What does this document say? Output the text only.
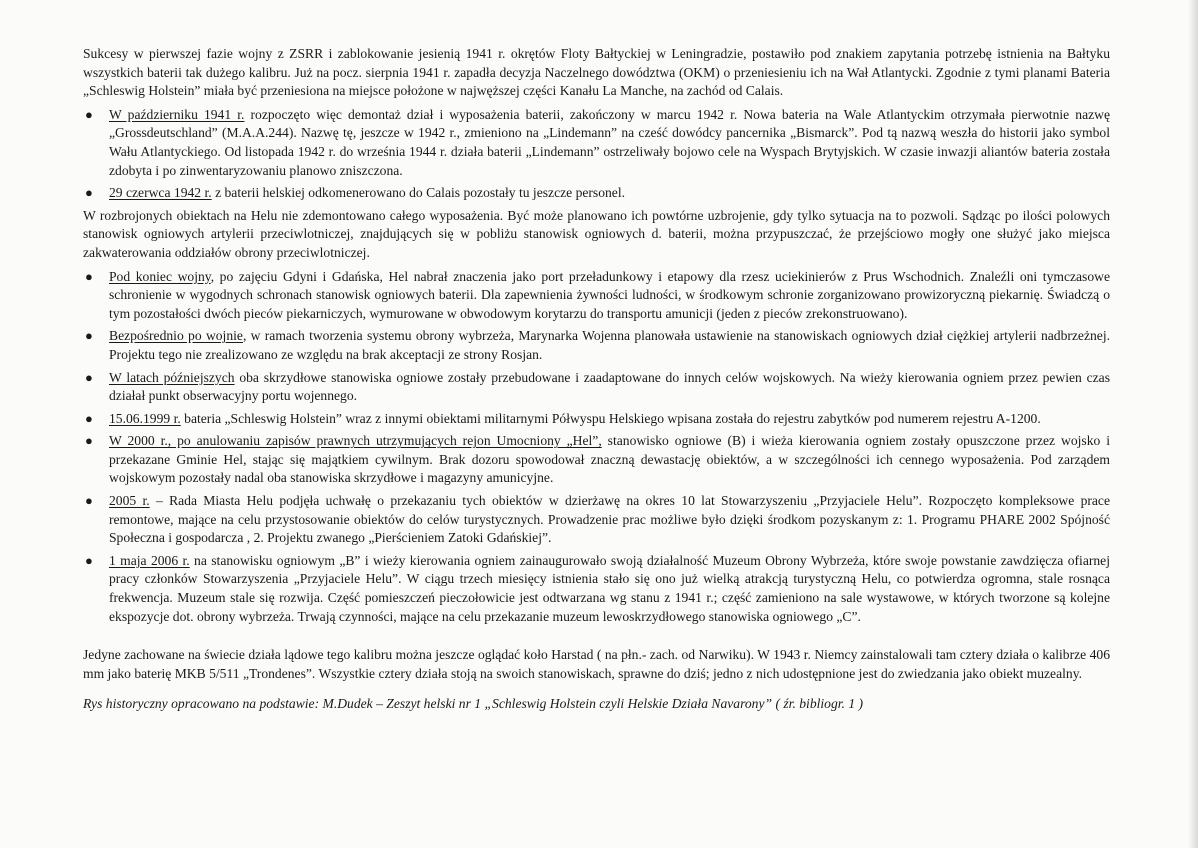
Sukcesy w pierwszej fazie wojny z ZSRR i zablokowanie jesienią 1941 r. okrętów Floty Bałtyckiej w Leningradzie, postawiło pod znakiem zapytania potrzebę istnienia na Bałtyku wszystkich baterii tak dużego kalibru. Już na pocz. sierpnia 1941 r. zapadła decyzja Naczelnego dowództwa (OKM) o przeniesieniu ich na Wał Atlantycki. Zgodnie z tymi planami Bateria „Schleswig Holstein” miała być przeniesiona na miejsce położone w najwęższej części Kanału La Manche, na zachód od Calais.

● W październiku 1941 r. rozpoczęto więc demontaż dział i wyposażenia baterii, zakończony w marcu 1942 r. Nowa bateria na Wale Atlantyckim otrzymała pierwotnie nazwę „Grossdeutschland” (M.A.A.244). Nazwę tę, jeszcze w 1942 r., zmieniono na „Lindemann” na cześć dowódcy pancernika „Bismarck”. Pod tą nazwą weszła do historii jako symbol Wału Atlantyckiego. Od listopada 1942 r. do września 1944 r. działa baterii „Lindemann” ostrzeliwały bojowo cele na Wyspach Brytyjskich. W czasie inwazji aliantów bateria została zdobyta i po zinwentaryzowaniu planowo zniszczona.
● 29 czerwca 1942 r. z baterii helskiej odkomenerowano do Calais pozostały tu jeszcze personel.

W rozbrojonych obiektach na Helu nie zdemontowano całego wyposażenia. Być może planowano ich powtórne uzbrojenie, gdy tylko sytuacja na to pozwoli. Sądząc po ilości polowych stanowisk ogniowych artylerii przeciwlotniczej, znajdujących się w pobliżu stanowisk ogniowych d. baterii, można przypuszczać, że przejściowo mogły one służyć jako miejsca zakwaterowania oddziałów obrony przeciwlotniczej.

● Pod koniec wojny, po zajęciu Gdyni i Gdańska, Hel nabrał znaczenia jako port przeładunkowy i etapowy dla rzesz uciekinierów z Prus Wschodnich. Znaleźli oni tymczasowe schronienie w wygodnych schronach stanowisk ogniowych baterii. Dla zapewnienia żywności ludności, w środkowym schronie zorganizowano prowizoryczną piekarnię. Świadczą o tym pozostałości dwóch pieców piekarniczych, wymurowane w obwodowym korytarzu do transportu amunicji (jeden z pieców zrekonstruowano).
● Bezpośrednio po wojnie, w ramach tworzenia systemu obrony wybrzeża, Marynarka Wojenna planowała ustawienie na stanowiskach ogniowych dział ciężkiej artylerii nadbrzeżnej. Projektu tego nie zrealizowano ze względu na brak akceptacji ze strony Rosjan.
● W latach późniejszych oba skrzydłowe stanowiska ogniowe zostały przebudowane i zaadaptowane do innych celów wojskowych. Na wieży kierowania ogniem przez pewien czas działał punkt obserwacyjny portu wojennego.
● 15.06.1999 r. bateria „Schleswig Holstein” wraz z innymi obiektami militarnymi Półwyspu Helskiego wpisana została do rejestru zabytków pod numerem rejestru A-1200.
● W 2000 r., po anulowaniu zapisów prawnych utrzymujących rejon Umocniony „Hel”, stanowisko ogniowe (B) i wieża kierowania ogniem zostały opuszczone przez wojsko i przekazane Gminie Hel, stając się majątkiem cywilnym. Brak dozoru spowodował znaczną dewastację obiektów, a w szczególności ich cennego wyposażenia. Pod zarządem wojskowym pozostały nadal oba stanowiska skrzydłowe i magazyny amunicyjne.
● 2005 r. – Rada Miasta Helu podjęła uchwałę o przekazaniu tych obiektów w dzierżawę na okres 10 lat Stowarzyszeniu „Przyjaciele Helu”. Rozpoczęto kompleksowe prace remontowe, mające na celu przystosowanie obiektów do celów turystycznych. Prowadzenie prac możliwe było dzięki środkom pozyskanym z: 1. Programu PHARE 2002 Spójność Społeczna i gospodarcza , 2. Projektu zwanego „Pierścieniem Zatoki Gdańskiej”.
● 1 maja 2006 r. na stanowisku ogniowym „B” i wieży kierowania ogniem zainaugurowało swoją działalność Muzeum Obrony Wybrzeża, które swoje powstanie zawdzięcza ofiarnej pracy członków Stowarzyszenia „Przyjaciele Helu”. W ciągu trzech miesięcy istnienia stało się ono już wielką atrakcją turystyczną Helu, co potwierdza ogromna, stale rosnąca frekwencja. Muzeum stale się rozwija. Część pomieszczeń pieczołowicie jest odtwarzana wg stanu z 1941 r.; część zamieniono na sale wystawowe, w których tworzone są kolejne ekspozycje dot. obrony wybrzeża. Trwają czynności, mające na celu przekazanie muzeum lewoskrzydłowego stanowiska ogniowego „C”.

Jedyne zachowane na świecie działa lądowe tego kalibru można jeszcze oglądać koło Harstad ( na płn.- zach. od Narwiku). W 1943 r. Niemcy zainstalowali tam cztery działa o kalibrze 406 mm jako baterię MKB 5/511 „Trondenes”. Wszystkie cztery działa stoją na swoich stanowiskach, sprawne do dziś; jedno z nich udostępnione jest do zwiedzania jako obiekt muzealny.

Rys historyczny opracowano na podstawie: M.Dudek – Zeszyt helski nr 1 „Schleswig Holstein czyli Helskie Działa Navarony” ( źr. bibliogr. 1 )
